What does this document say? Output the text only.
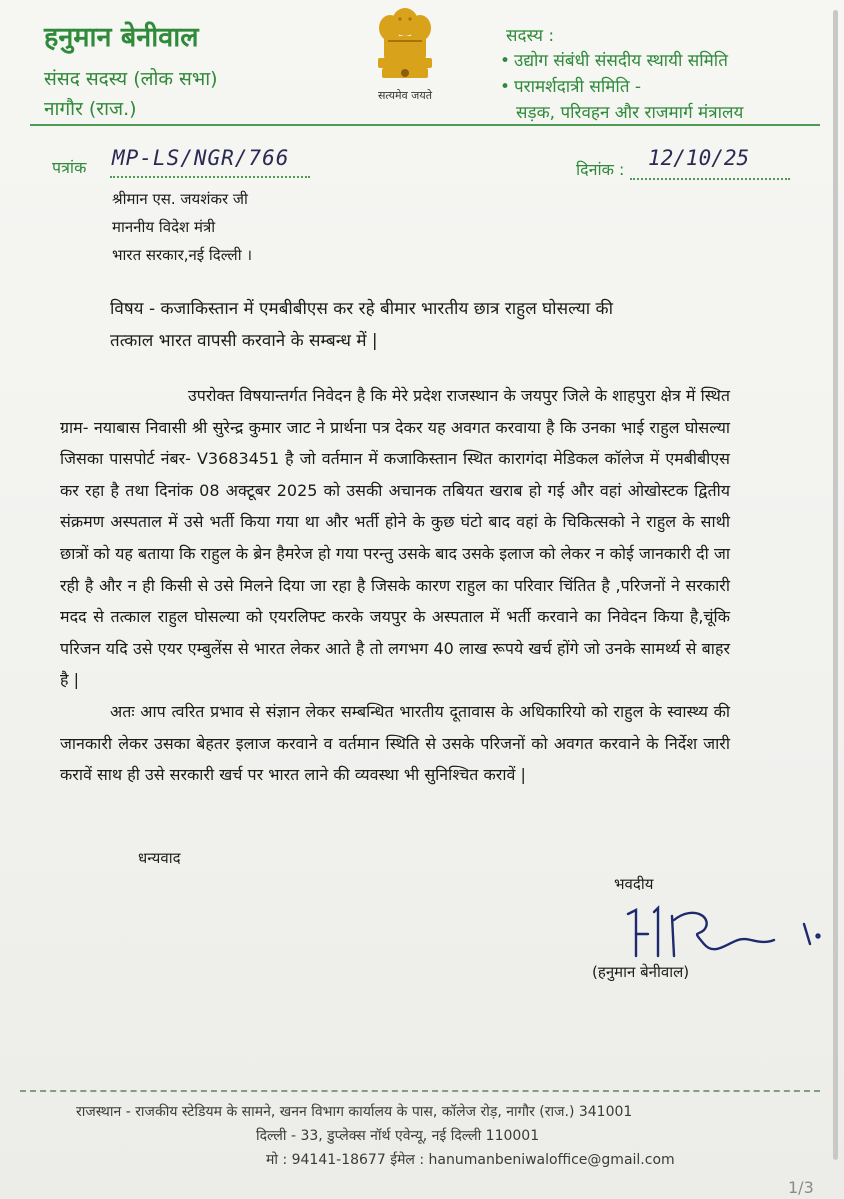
हनुमान बेनीवाल
संसद सदस्य (लोक सभा)
नागौर (राज.)
सत्यमेव जयते
सदस्य :
• उद्योग संबंधी संसदीय स्थायी समिति
• परामर्शदात्री समिति -
सड़क, परिवहन और राजमार्ग मंत्रालय
पत्रांक MP-LS/NGR/766	दिनांक : 12/10/25
श्रीमान एस. जयशंकर जी
माननीय विदेश मंत्री
भारत सरकार,नई दिल्ली ।
विषय - कजाकिस्तान में एमबीबीएस कर रहे बीमार भारतीय छात्र राहुल घोसल्या की
तत्काल भारत वापसी करवाने के सम्बन्ध में |

उपरोक्त विषयान्तर्गत निवेदन है कि मेरे प्रदेश राजस्थान के जयपुर जिले के शाहपुरा क्षेत्र में स्थित ग्राम- नयाबास निवासी श्री सुरेन्द्र कुमार जाट ने प्रार्थना पत्र देकर यह अवगत करवाया है कि उनका भाई राहुल घोसल्या जिसका पासपोर्ट नंबर- V3683451 है जो वर्तमान में कजाकिस्तान स्थित कारागंदा मेडिकल कॉलेज में एमबीबीएस कर रहा है तथा दिनांक 08 अक्टूबर 2025 को उसकी अचानक तबियत खराब हो गई और वहां ओखोस्टक द्वितीय संक्रमण अस्पताल में उसे भर्ती किया गया था और भर्ती होने के कुछ घंटो बाद वहां के चिकित्सको ने राहुल के साथी छात्रों को यह बताया कि राहुल के ब्रेन हैमरेज हो गया परन्तु उसके बाद उसके इलाज को लेकर न कोई जानकारी दी जा रही है और न ही किसी से उसे मिलने दिया जा रहा है जिसके कारण राहुल का परिवार चिंतित है ,परिजनों ने सरकारी मदद से तत्काल राहुल घोसल्या को एयरलिफ्ट करके जयपुर के अस्पताल में भर्ती करवाने का निवेदन किया है,चूंकि परिजन यदि उसे एयर एम्बुलेंस से भारत लेकर आते है तो लगभग 40 लाख रूपये खर्च होंगे जो उनके सामर्थ्य से बाहर है |

अतः आप त्वरित प्रभाव से संज्ञान लेकर सम्बन्धित भारतीय दूतावास के अधिकारियो को राहुल के स्वास्थ्य की जानकारी लेकर उसका बेहतर इलाज करवाने व वर्तमान स्थिति से उसके परिजनों को अवगत करवाने के निर्देश जारी करावें साथ ही उसे सरकारी खर्च पर भारत लाने की व्यवस्था भी सुनिश्चित करावें |

धन्यवाद
भवदीय
(हनुमान बेनीवाल)
राजस्थान - राजकीय स्टेडियम के सामने, खनन विभाग कार्यालय के पास, कॉलेज रोड़, नागौर (राज.) 341001
दिल्ली - 33, डुप्लेक्स नॉर्थ एवेन्यू, नई दिल्ली 110001
मो : 94141-18677 ईमेल : hanumanbeniwaloffice@gmail.com
1/3
